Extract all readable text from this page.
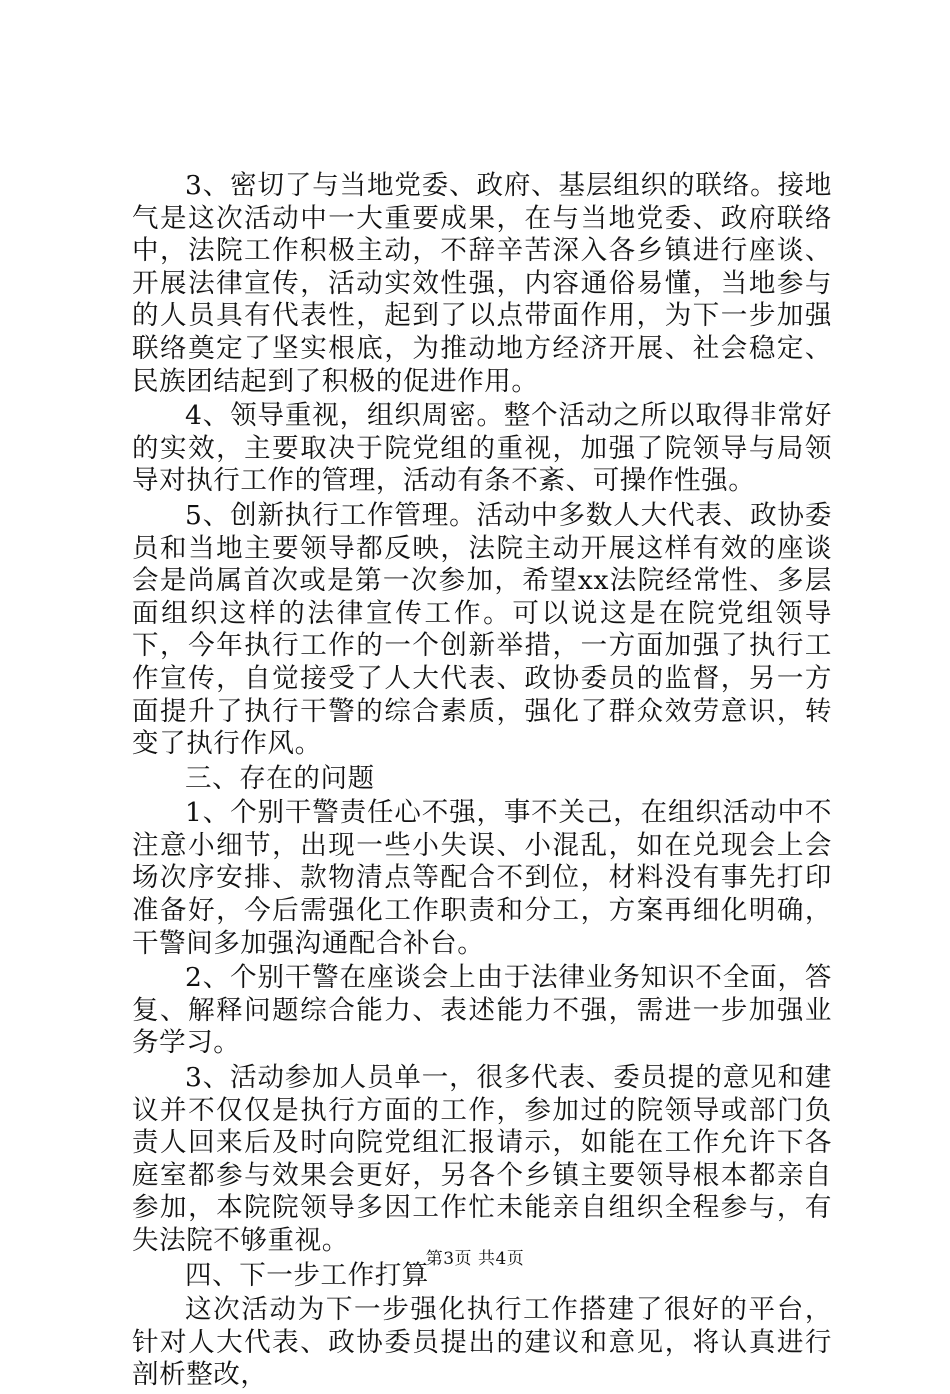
3、密切了与当地党委、政府、基层组织的联络。接地气是这次活动中一大重要成果，在与当地党委、政府联络中，法院工作积极主动，不辞辛苦深入各乡镇进行座谈、开展法律宣传，活动实效性强，内容通俗易懂，当地参与的人员具有代表性，起到了以点带面作用，为下一步加强联络奠定了坚实根底，为推动地方经济开展、社会稳定、民族团结起到了积极的促进作用。

4、领导重视，组织周密。整个活动之所以取得非常好的实效，主要取决于院党组的重视，加强了院领导与局领导对执行工作的管理，活动有条不紊、可操作性强。

5、创新执行工作管理。活动中多数人大代表、政协委员和当地主要领导都反映，法院主动开展这样有效的座谈会是尚属首次或是第一次参加，希望xx法院经常性、多层面组织这样的法律宣传工作。可以说这是在院党组领导下，今年执行工作的一个创新举措，一方面加强了执行工作宣传，自觉接受了人大代表、政协委员的监督，另一方面提升了执行干警的综合素质，强化了群众效劳意识，转变了执行作风。

三、存在的问题

1、个别干警责任心不强，事不关己，在组织活动中不注意小细节，出现一些小失误、小混乱，如在兑现会上会场次序安排、款物清点等配合不到位，材料没有事先打印准备好，今后需强化工作职责和分工，方案再细化明确，干警间多加强沟通配合补台。

2、个别干警在座谈会上由于法律业务知识不全面，答复、解释问题综合能力、表述能力不强，需进一步加强业务学习。

3、活动参加人员单一，很多代表、委员提的意见和建议并不仅仅是执行方面的工作，参加过的院领导或部门负责人回来后及时向院党组汇报请示，如能在工作允许下各庭室都参与效果会更好，另各个乡镇主要领导根本都亲自参加，本院院领导多因工作忙未能亲自组织全程参与，有失法院不够重视。

四、下一步工作打算

这次活动为下一步强化执行工作搭建了很好的平台，针对人大代表、政协委员提出的建议和意见，将认真进行剖析整改，

第3页 共4页
